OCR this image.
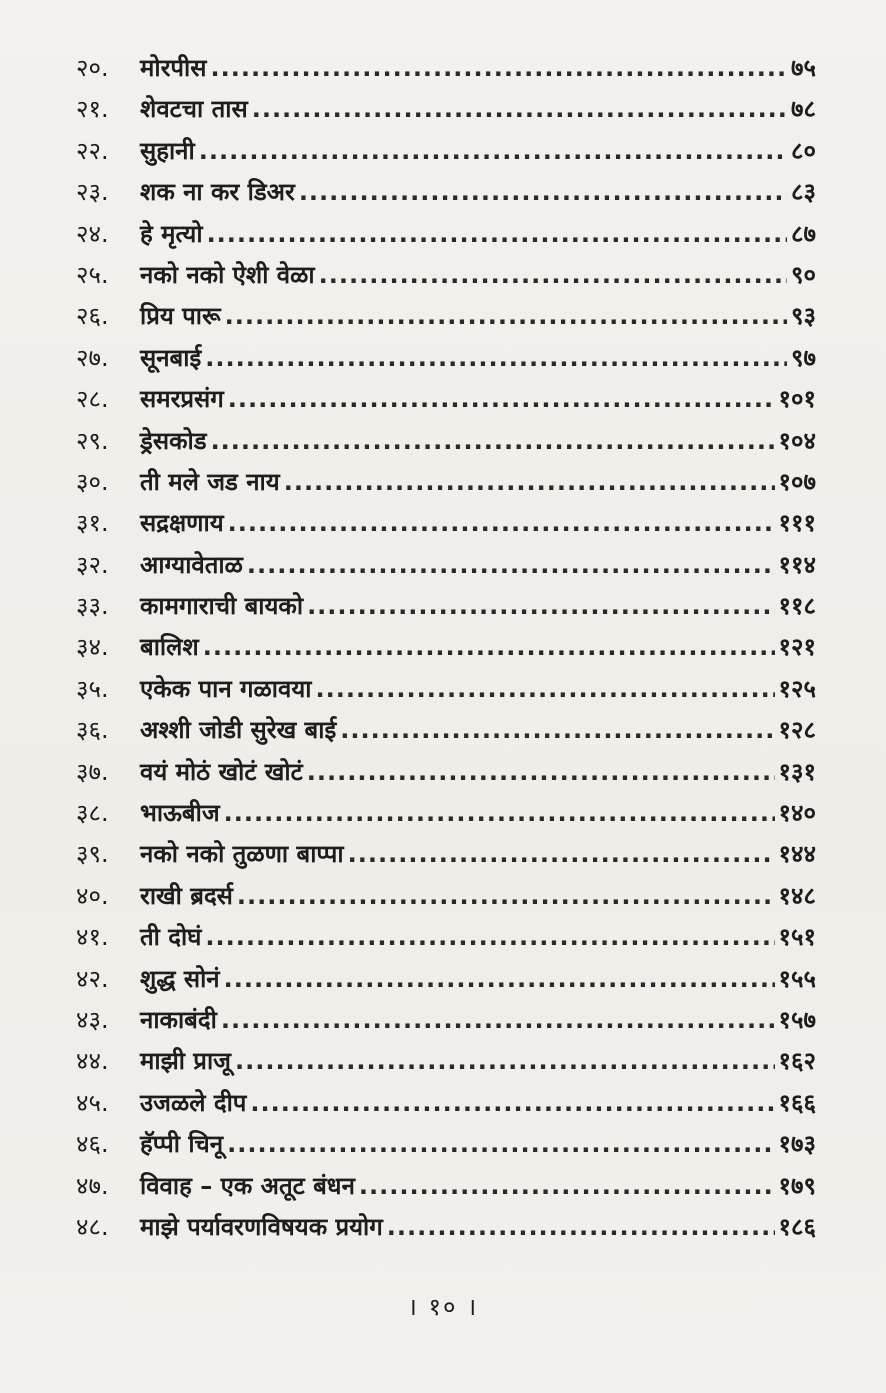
२०.	मोरपीस .....	७५
२१.	शेवटचा तास .....	७८
२२.	सुहानी .....	८०
२३.	शक ना कर डिअर .....	८३
२४.	हे मृत्यो .....	८७
२५.	नको नको ऐशी वेळा .....	९०
२६.	प्रिय पारू .....	९३
२७.	सूनबाई .....	९७
२८.	समरप्रसंग .....	१०१
२९.	ड्रेसकोड .....	१०४
३०.	ती मले जड नाय .....	१०७
३१.	सद्रक्षणाय .....	१११
३२.	आग्यावेताळ .....	११४
३३.	कामगाराची बायको .....	११८
३४.	बालिश .....	१२१
३५.	एकेक पान गळावया .....	१२५
३६.	अश्शी जोडी सुरेख बाई .....	१२८
३७.	वयं मोठं खोटं खोटं .....	१३१
३८.	भाऊबीज .....	१४०
३९.	नको नको तुळणा बाप्पा .....	१४४
४०.	राखी ब्रदर्स .....	१४८
४१.	ती दोघं .....	१५१
४२.	शुद्ध सोनं .....	१५५
४३.	नाकाबंदी .....	१५७
४४.	माझी प्राजू .....	१६२
४५.	उजळले दीप .....	१६६
४६.	हॅप्पी चिनू .....	१७३
४७.	विवाह – एक अतूट बंधन .....	१७९
४८.	माझे पर्यावरणविषयक प्रयोग .....	१८६
। १० ।
